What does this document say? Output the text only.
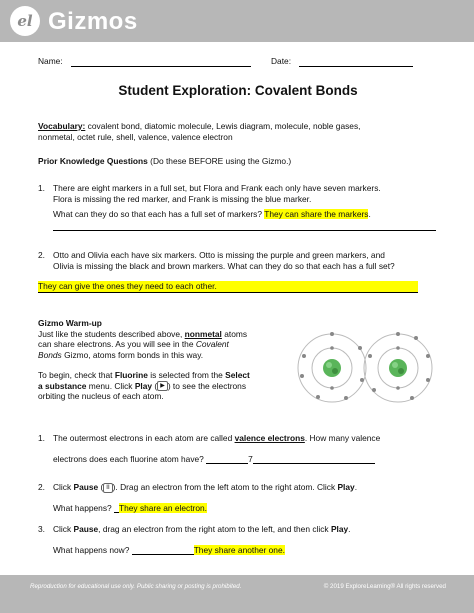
el Gizmos
Name:	Date:
Student Exploration: Covalent Bonds
Vocabulary: covalent bond, diatomic molecule, Lewis diagram, molecule, noble gases,
nonmetal, octet rule, shell, valence, valence electron
Prior Knowledge Questions (Do these BEFORE using the Gizmo.)
1. There are eight markers in a full set, but Flora and Frank each only have seven markers.
Flora is missing the red marker, and Frank is missing the blue marker.
What can they do so that each has a full set of markers? They can share the markers.
2. Otto and Olivia each have six markers. Otto is missing the purple and green markers, and
Olivia is missing the black and brown markers. What can they do so that each has a full set?
They can give the ones they need to each other.
Gizmo Warm-up
Just like the students described above, nonmetal atoms
can share electrons. As you will see in the Covalent
Bonds Gizmo, atoms form bonds in this way.
To begin, check that Fluorine is selected from the Select
a substance menu. Click Play ( ▶ ) to see the electrons
orbiting the nucleus of each atom.
1. The outermost electrons in each atom are called valence electrons. How many valence
electrons does each fluorine atom have?	7
2. Click Pause ( II ). Drag an electron from the left atom to the right atom. Click Play.
What happens? They share an electron.
3. Click Pause, drag an electron from the right atom to the left, and then click Play.
What happens now?	They share another one.
Reproduction for educational use only. Public sharing or posting is prohibited.	© 2019 ExploreLearning® All rights reserved
